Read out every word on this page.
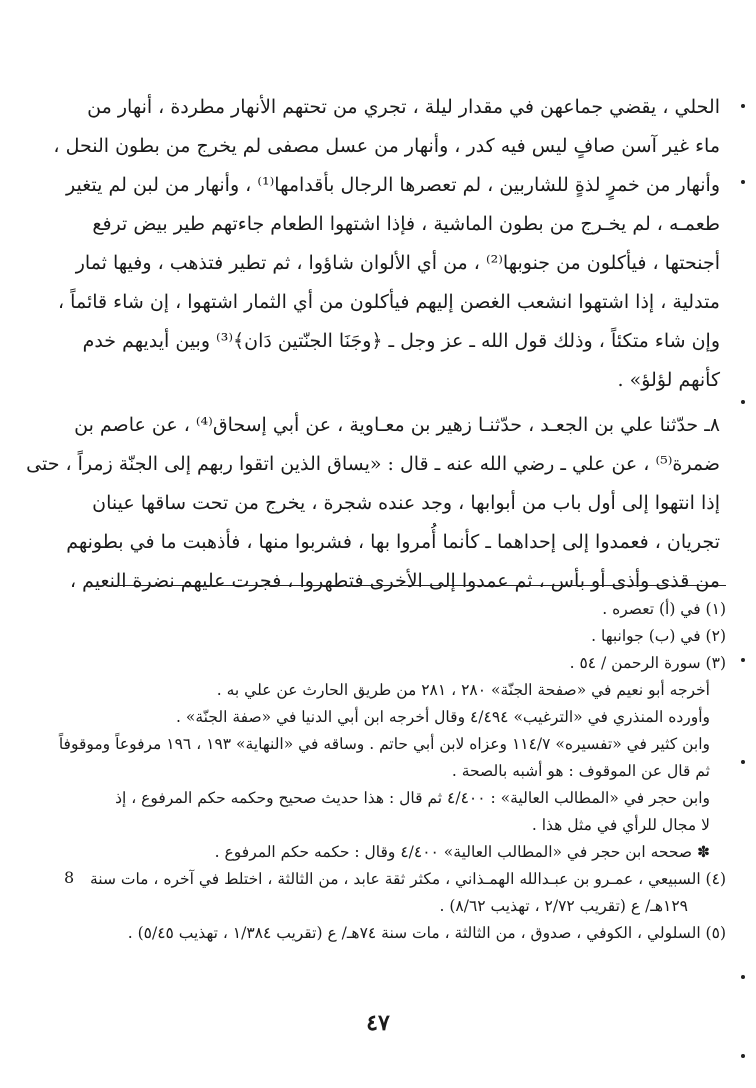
الحلي ، يقضي جماعهن في مقدار ليلة ، تجري من تحتهم الأنهار مطردة ، أنهار من
ماء غير آسن صافٍ ليس فيه كدر ، وأنهار من عسل مصفى لم يخرج من بطون النحل ،
وأنهار من خمرٍ لذةٍ للشاربين ، لم تعصرها الرجال بأقدامها⁽¹⁾ ، وأنهار من لبن لم يتغير
طعمـه ، لم يخـرج من بطون الماشية ، فإذا اشتهوا الطعام جاءتهم طير بيض ترفع
أجنحتها ، فيأكلون من جنوبها⁽²⁾ ، من أي الألوان شاؤوا ، ثم تطير فتذهب ، وفيها ثمار
متدلية ، إذا اشتهوا انشعب الغصن إليهم فيأكلون من أي الثمار اشتهوا ، إن شاء قائماً ،
وإن شاء متكئاً ، وذلك قول الله ـ عز وجل ـ ﴿وجَنَا الجنّتين دَان﴾⁽³⁾ وبين أيديهم خدم
كأنهم لؤلؤ» .
٨ـ حدّثنا علي بن الجعـد ، حدّثنـا زهير بن معـاوية ، عن أبي إسحاق⁽⁴⁾ ، عن عاصم بن
ضمرة⁽⁵⁾ ، عن علي ـ رضي الله عنه ـ قال : «يساق الذين اتقوا ربهم إلى الجنّة زمراً ، حتى
إذا انتهوا إلى أول باب من أبوابها ، وجد عنده شجرة ، يخرج من تحت ساقها عينان
تجريان ، فعمدوا إلى إحداهما ـ كأنما أُمروا بها ، فشربوا منها ، فأذهبت ما في بطونهم
من قذى وأذى أو بأس ، ثم عمدوا إلى الأخرى فتطهروا ، فجرت عليهم نضرة النعيم ،
(١) في (أ) تعصره .
(٢) في (ب) جوانبها .
(٣) سورة الرحمن / ٥٤ .
أخرجه أبو نعيم في «صفحة الجنّة» ٢٨٠ ، ٢٨١ من طريق الحارث عن علي به .
وأورده المنذري في «الترغيب» ٤/٤٩٤ وقال أخرجه ابن أبي الدنيا في «صفة الجنّة» .
وابن كثير في «تفسيره» ١١٤/٧ وعزاه لابن أبي حاتم . وساقه في «النهاية» ١٩٣ ، ١٩٦ مرفوعاً وموقوفاً
ثم قال عن الموقوف : هو أشبه بالصحة .
وابن حجر في «المطالب العالية» : ٤/٤٠٠ ثم قال : هذا حديث صحيح وحكمه حكم المرفوع ، إذ
لا مجال للرأي في مثل هذا .
✽ صححه ابن حجر في «المطالب العالية» ٤/٤٠٠ وقال : حكمه حكم المرفوع .
(٤) السبيعي ، عمـرو بن عبـدالله الهمـذاني ، مكثر ثقة عابد ، من الثالثة ، اختلط في آخره ، مات سنة
١٢٩هـ/ ع (تقريب ٢/٧٢ ، تهذيب ٨/٦٢) .
(٥) السلولي ، الكوفي ، صدوق ، من الثالثة ، مات سنة ٧٤هـ/ ع (تقريب ١/٣٨٤ ، تهذيب ٥/٤٥) .
8
٤٧
